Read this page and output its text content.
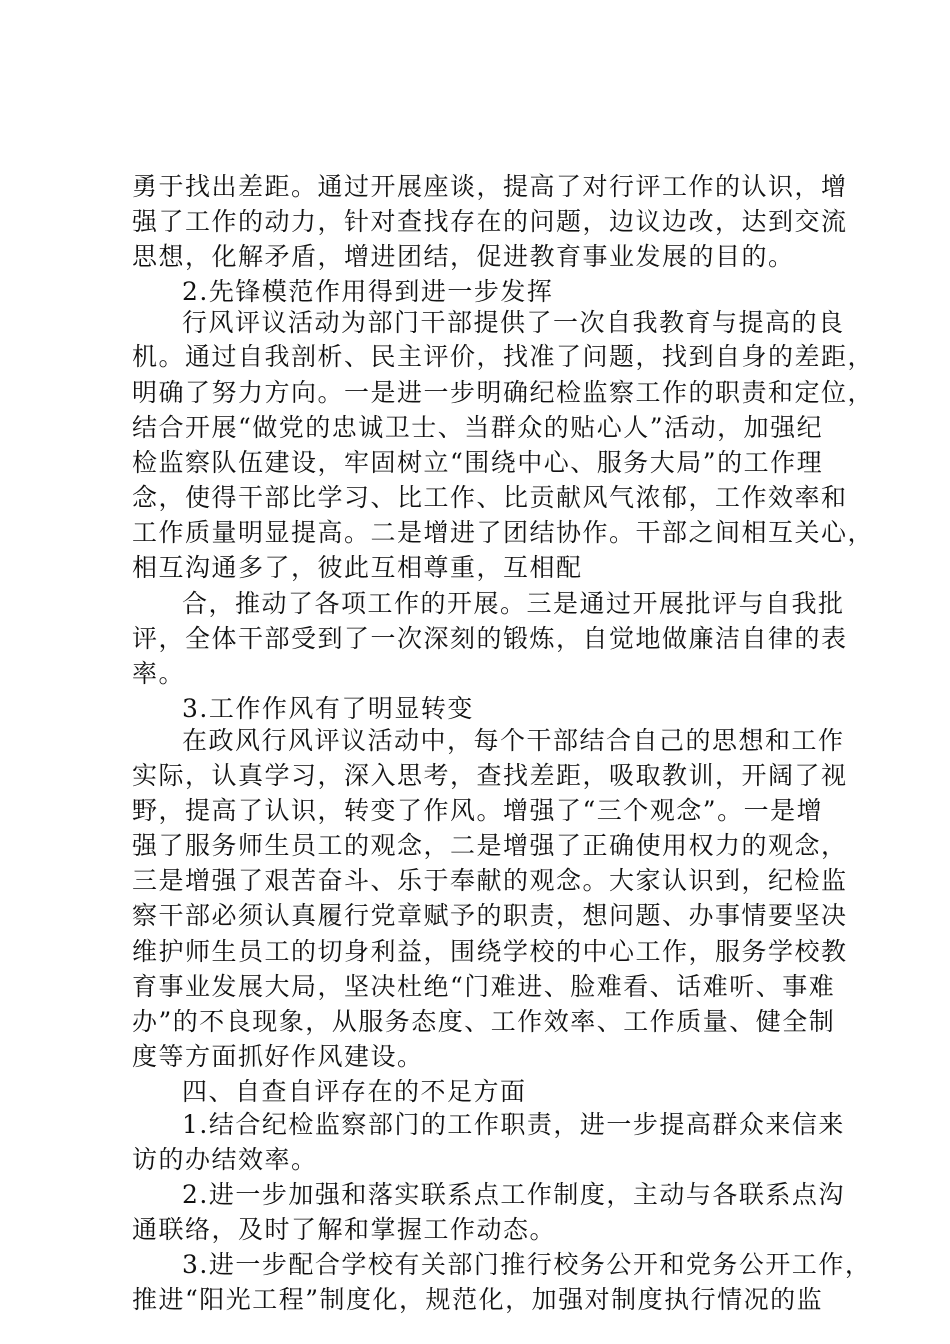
勇于找出差距。通过开展座谈，提高了对行评工作的认识，增
强了工作的动力，针对查找存在的问题，边议边改，达到交流
思想，化解矛盾，增进团结，促进教育事业发展的目的。
2.先锋模范作用得到进一步发挥
行风评议活动为部门干部提供了一次自我教育与提高的良
机。通过自我剖析、民主评价，找准了问题，找到自身的差距，
明确了努力方向。一是进一步明确纪检监察工作的职责和定位，
结合开展“做党的忠诚卫士、当群众的贴心人”活动，加强纪
检监察队伍建设，牢固树立“围绕中心、服务大局”的工作理
念，使得干部比学习、比工作、比贡献风气浓郁，工作效率和
工作质量明显提高。二是增进了团结协作。干部之间相互关心，
相互沟通多了，彼此互相尊重，互相配
合，推动了各项工作的开展。三是通过开展批评与自我批
评，全体干部受到了一次深刻的锻炼，自觉地做廉洁自律的表
率。
3.工作作风有了明显转变
在政风行风评议活动中，每个干部结合自己的思想和工作
实际，认真学习，深入思考，查找差距，吸取教训，开阔了视
野，提高了认识，转变了作风。增强了“三个观念”。一是增
强了服务师生员工的观念，二是增强了正确使用权力的观念，
三是增强了艰苦奋斗、乐于奉献的观念。大家认识到，纪检监
察干部必须认真履行党章赋予的职责，想问题、办事情要坚决
维护师生员工的切身利益，围绕学校的中心工作，服务学校教
育事业发展大局，坚决杜绝“门难进、脸难看、话难听、事难
办”的不良现象，从服务态度、工作效率、工作质量、健全制
度等方面抓好作风建设。
四、自查自评存在的不足方面
1.结合纪检监察部门的工作职责，进一步提高群众来信来
访的办结效率。
2.进一步加强和落实联系点工作制度，主动与各联系点沟
通联络，及时了解和掌握工作动态。
3.进一步配合学校有关部门推行校务公开和党务公开工作，
推进“阳光工程”制度化，规范化，加强对制度执行情况的监
